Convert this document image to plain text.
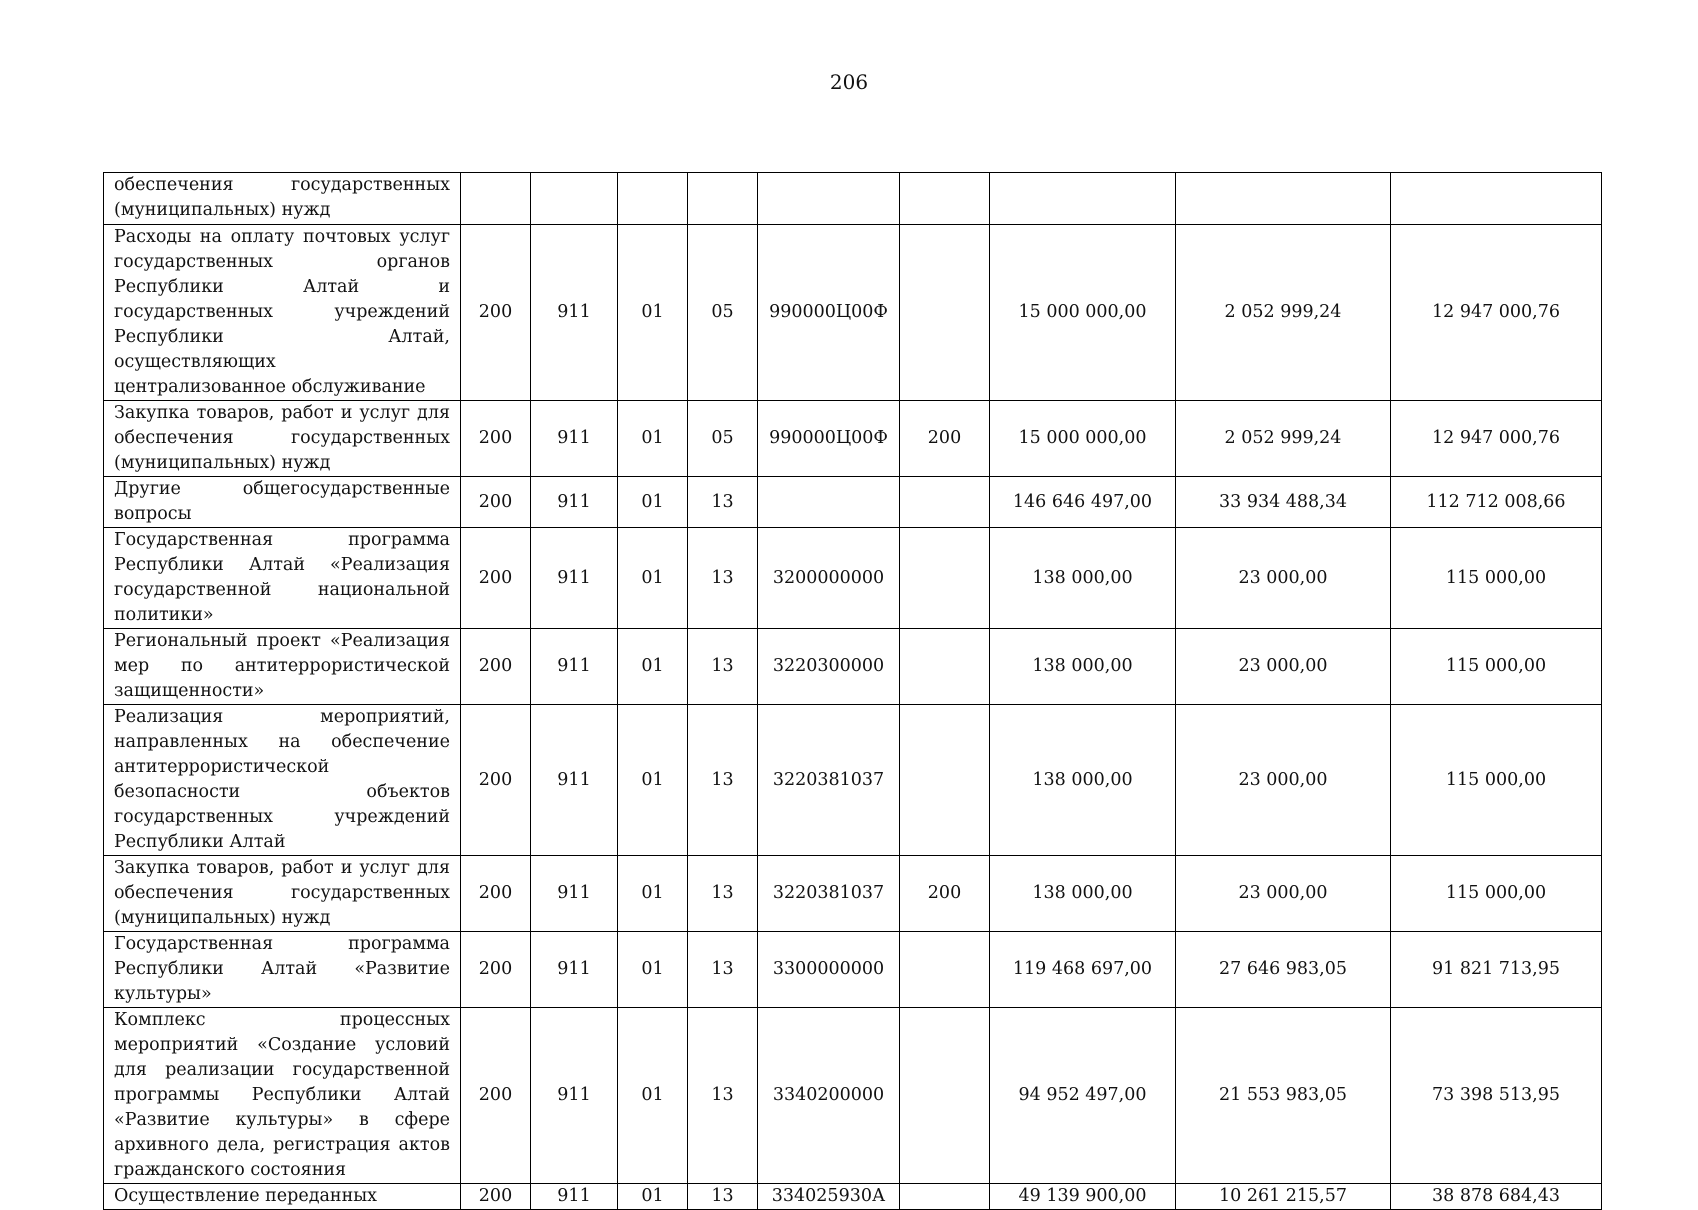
206
обеспечения государственных (муниципальных) нужд									
Расходы на оплату почтовых услуг государственных органов Республики Алтай и государственных учреждений Республики Алтай, осуществляющих централизованное обслуживание	200	911	01	05	990000Ц00Ф		15 000 000,00	2 052 999,24	12 947 000,76
Закупка товаров, работ и услуг для обеспечения государственных (муниципальных) нужд	200	911	01	05	990000Ц00Ф	200	15 000 000,00	2 052 999,24	12 947 000,76
Другие общегосударственные вопросы	200	911	01	13			146 646 497,00	33 934 488,34	112 712 008,66
Государственная программа Республики Алтай «Реализация государственной национальной политики»	200	911	01	13	3200000000		138 000,00	23 000,00	115 000,00
Региональный проект «Реализация мер по антитеррористической защищенности»	200	911	01	13	3220300000		138 000,00	23 000,00	115 000,00
Реализация мероприятий, направленных на обеспечение антитеррористической безопасности объектов государственных учреждений Республики Алтай	200	911	01	13	3220381037		138 000,00	23 000,00	115 000,00
Закупка товаров, работ и услуг для обеспечения государственных (муниципальных) нужд	200	911	01	13	3220381037	200	138 000,00	23 000,00	115 000,00
Государственная программа Республики Алтай «Развитие культуры»	200	911	01	13	3300000000		119 468 697,00	27 646 983,05	91 821 713,95
Комплекс процессных мероприятий «Создание условий для реализации государственной программы Республики Алтай «Развитие культуры» в сфере архивного дела, регистрация актов гражданского состояния	200	911	01	13	3340200000		94 952 497,00	21 553 983,05	73 398 513,95
Осуществление переданных	200	911	01	13	334025930А		49 139 900,00	10 261 215,57	38 878 684,43
